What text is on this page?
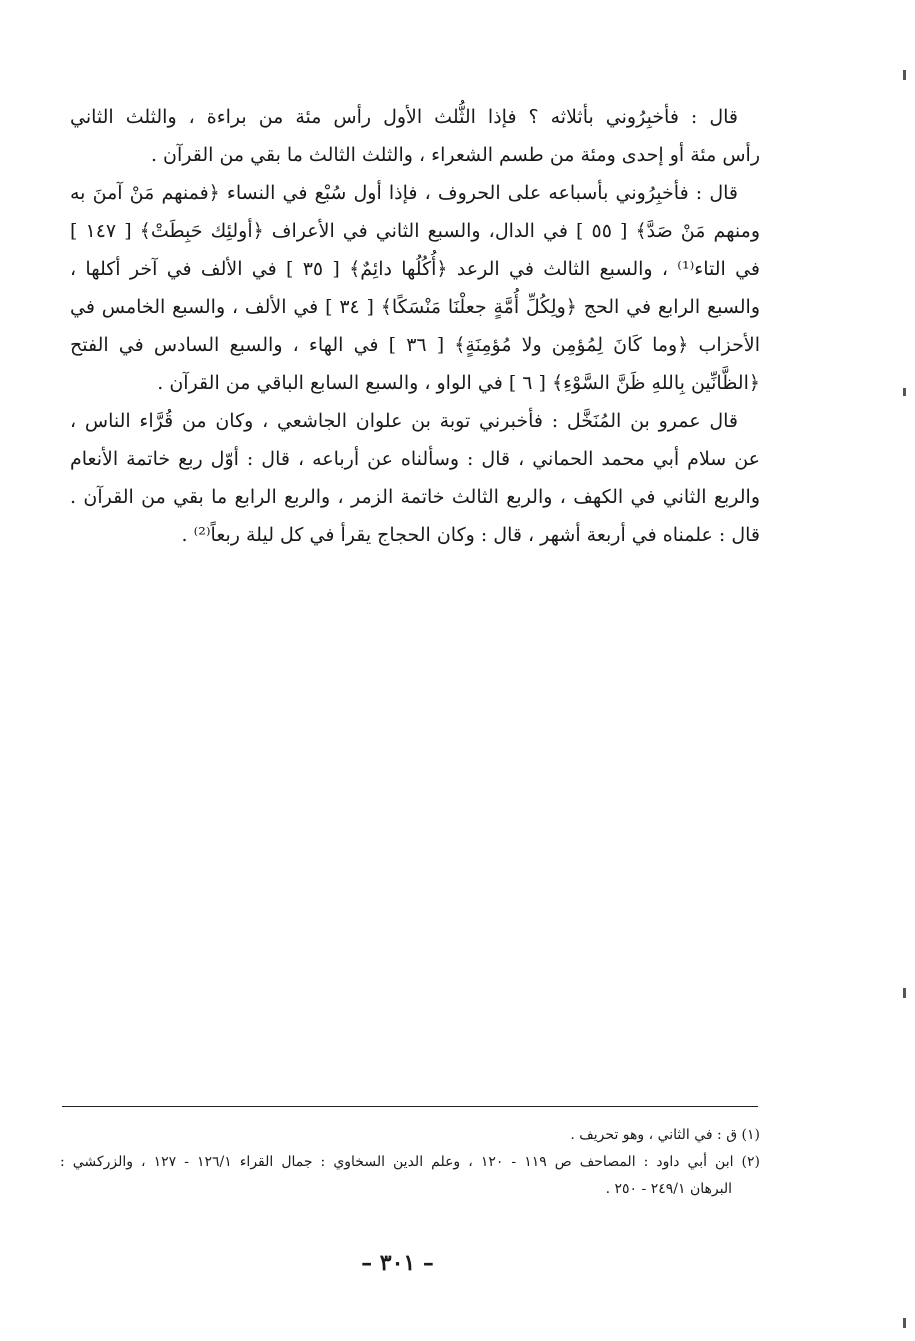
قال : فأخبِرُوني بأثلاثه ؟ فإذا الثُّلث الأول رأس مئة من براءة ، والثلث الثاني
رأس مئة أو إحدى ومئة من طسم الشعراء ، والثلث الثالث ما بقي من القرآن .
قال : فأخبِرُوني بأسباعه على الحروف ، فإذا أول سُبْع في النساء ﴿فمنهم مَنْ آمنَ به
ومنهم مَنْ صَدَّ﴾ [ ٥٥ ] في الدال، والسبع الثاني في الأعراف ﴿أولئِك حَبِطَتْ﴾ [ ١٤٧ ]
في التاء⁽¹⁾ ، والسبع الثالث في الرعد ﴿أُكُلُها دائِمٌ﴾ [ ٣٥ ] في الألف في آخر أكلها ،
والسبع الرابع في الحج ﴿ولِكُلِّ أُمَّةٍ جعلْنَا مَنْسَكًا﴾ [ ٣٤ ] في الألف ، والسبع الخامس في
الأحزاب ﴿وما كَانَ لِمُؤمِن ولا مُؤمِنَةٍ﴾ [ ٣٦ ] في الهاء ، والسبع السادس في الفتح
﴿الظَّانِّين بِاللهِ ظَنَّ السَّوْءِ﴾ [ ٦ ] في الواو ، والسبع السابع الباقي من القرآن .
قال عمرو بن المُنَخَّل : فأخبرني توبة بن علوان الجاشعي ، وكان من قُرَّاء الناس ،
عن سلام أبي محمد الحماني ، قال : وسألناه عن أرباعه ، قال : أوّل ربع خاتمة الأنعام
والربع الثاني في الكهف ، والربع الثالث خاتمة الزمر ، والربع الرابع ما بقي من القرآن .
قال : علمناه في أربعة أشهر ، قال : وكان الحجاج يقرأ في كل ليلة ربعاً⁽²⁾ .
(١) ق : في الثاني ، وهو تحريف .
(٢) ابن أبي داود : المصاحف ص ١١٩ - ١٢٠ ، وعلم الدين السخاوي : جمال القراء ١٢٦/١ - ١٢٧ ، والزركشي :
البرهان ٢٤٩/١ - ٢٥٠ .
– ٣٠١ –
